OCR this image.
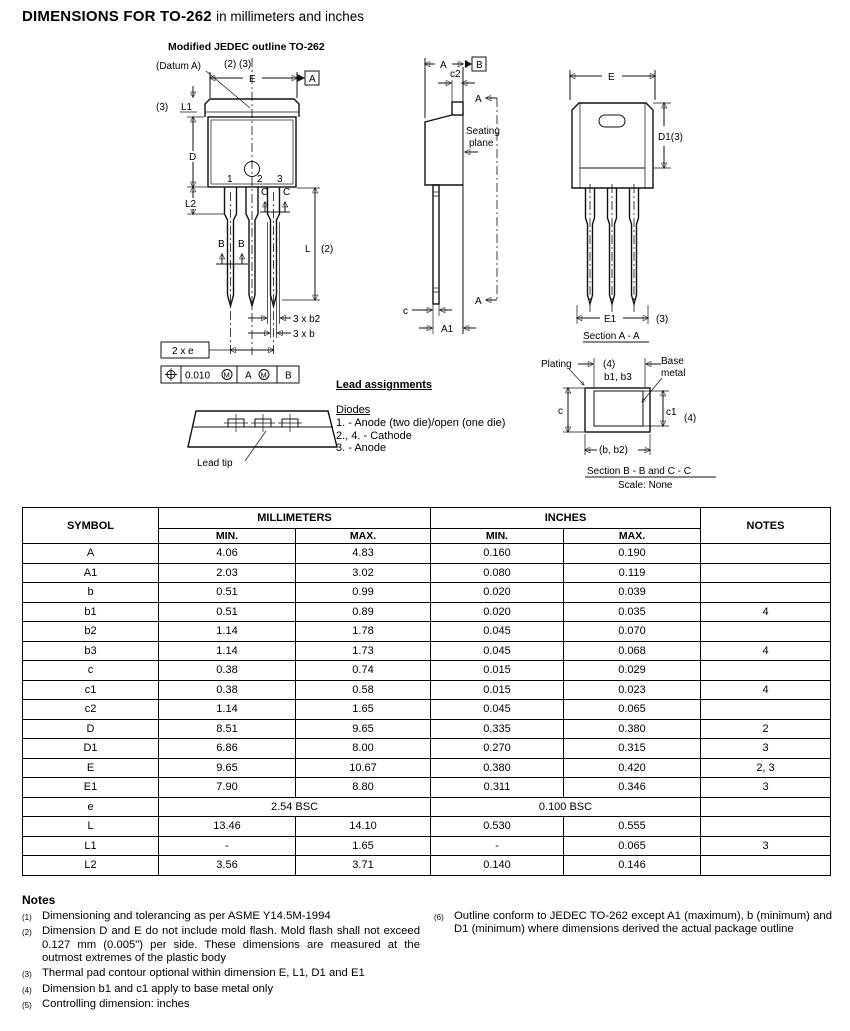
DIMENSIONS FOR TO-262 in millimeters and inches
Modified JEDEC outline TO-262
(Datum A) (2) (3)
E	A
(3) L1
1 2 3
D
L2
B B
C C
L (2)
3 x b2
3 x b
2 x e
0.010 M A M B
Lead tip
A	B
c2
Seating
plane
A
A
c
A1
E
D1(3)
E1	(3)
Section A - A
Plating	(4)
b1, b3
Base
metal
c	c1
(4)
(b, b2)
Section B - B and C - C
Scale: None
Lead assignments
Diodes
1. - Anode (two die)/open (one die)
2., 4. - Cathode
3. - Anode
SYMBOL	MILLIMETERS		INCHES		NOTES
	MIN.	MAX.	MIN.	MAX.	
A	4.06	4.83	0.160	0.190	
A1	2.03	3.02	0.080	0.119	
b	0.51	0.99	0.020	0.039	
b1	0.51	0.89	0.020	0.035	4
b2	1.14	1.78	0.045	0.070	
b3	1.14	1.73	0.045	0.068	4
c	0.38	0.74	0.015	0.029	
c1	0.38	0.58	0.015	0.023	4
c2	1.14	1.65	0.045	0.065	
D	8.51	9.65	0.335	0.380	2
D1	6.86	8.00	0.270	0.315	3
E	9.65	10.67	0.380	0.420	2, 3
E1	7.90	8.80	0.311	0.346	3
e	2.54 BSC		0.100 BSC		
L	13.46	14.10	0.530	0.555	
L1	-	1.65	-	0.065	3
L2	3.56	3.71	0.140	0.146	
Notes
(1) Dimensioning and tolerancing as per ASME Y14.5M-1994
(2) Dimension D and E do not include mold flash. Mold flash shall not exceed 0.127 mm (0.005") per side. These dimensions are measured at the outmost extremes of the plastic body
(3) Thermal pad contour optional within dimension E, L1, D1 and E1
(4) Dimension b1 and c1 apply to base metal only
(5) Controlling dimension: inches
(6) Outline conform to JEDEC TO-262 except A1 (maximum), b (minimum) and D1 (minimum) where dimensions derived the actual package outline
